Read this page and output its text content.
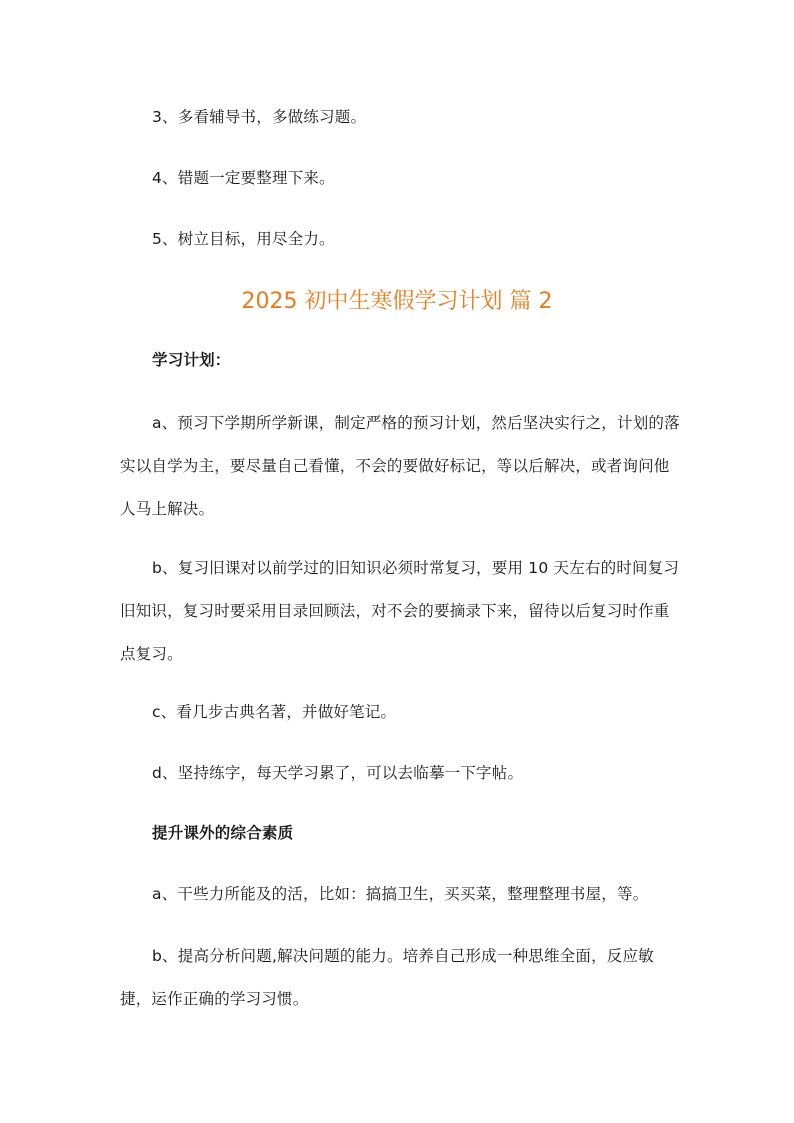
3、多看辅导书，多做练习题。

4、错题一定要整理下来。

5、树立目标，用尽全力。

2025 初中生寒假学习计划 篇 2

学习计划：

a、预习下学期所学新课，制定严格的预习计划，然后坚决实行之，计划的落实以自学为主，要尽量自己看懂，不会的要做好标记，等以后解决，或者询问他人马上解决。

b、复习旧课对以前学过的旧知识必须时常复习，要用 10 天左右的时间复习旧知识，复习时要采用目录回顾法，对不会的要摘录下来，留待以后复习时作重点复习。

c、看几步古典名著，并做好笔记。

d、坚持练字，每天学习累了，可以去临摹一下字帖。

提升课外的综合素质

a、干些力所能及的活，比如：搞搞卫生，买买菜，整理整理书屋，等。

b、提高分析问题,解决问题的能力。培养自己形成一种思维全面，反应敏捷，运作正确的学习习惯。
